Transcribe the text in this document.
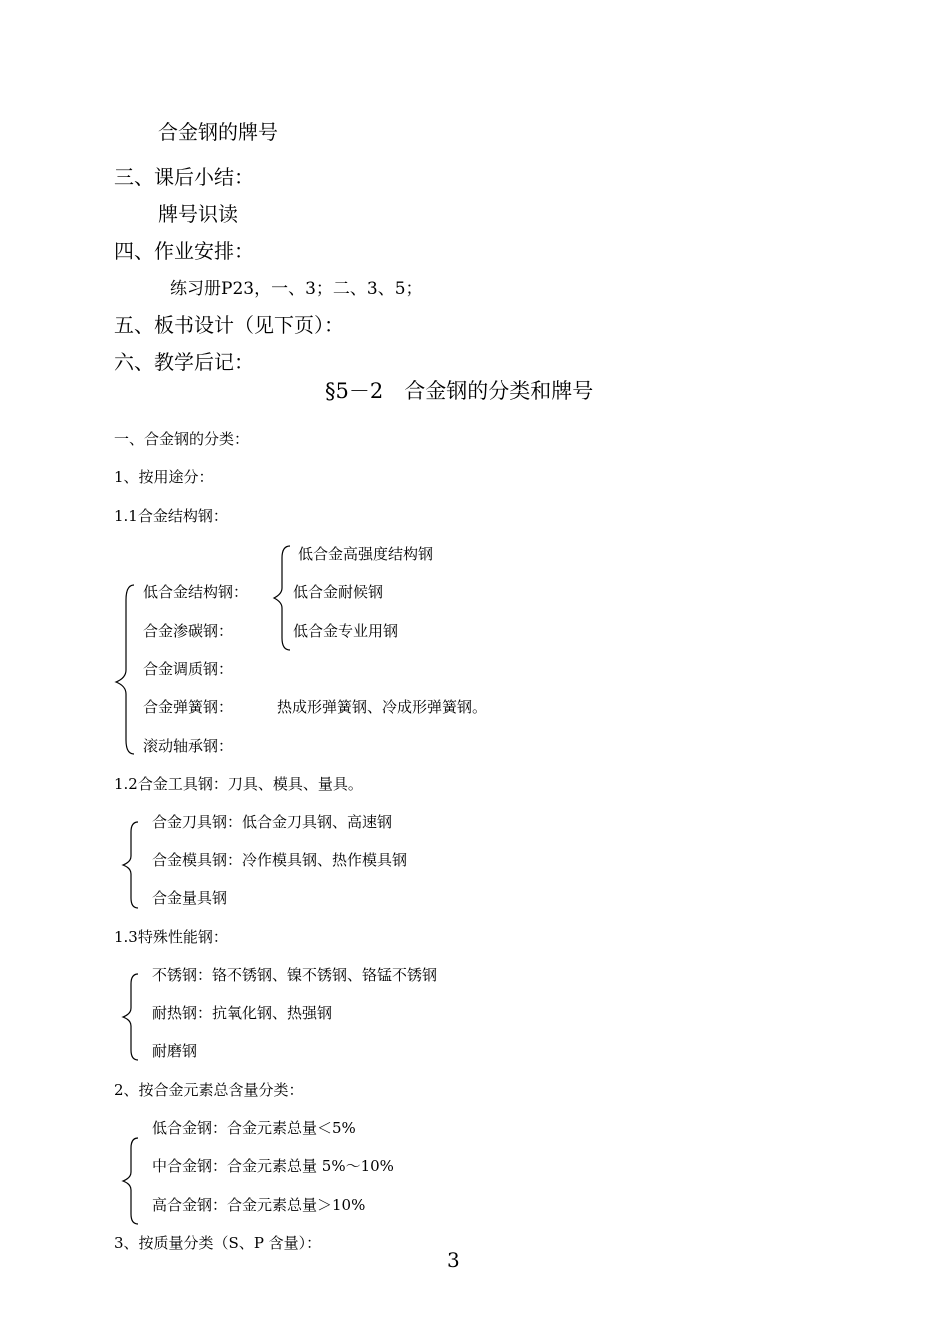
合金钢的牌号
三、课后小结：
牌号识读
四、作业安排：
练习册P23，一、3；二、3、5；
五、板书设计（见下页）：
六、教学后记：
§5－2　合金钢的分类和牌号
一、合金钢的分类：
1、按用途分：
1.1合金结构钢：
低合金结构钢：
低合金高强度结构钢
低合金耐候钢
低合金专业用钢
合金渗碳钢：
合金调质钢：
合金弹簧钢：	热成形弹簧钢、冷成形弹簧钢。
滚动轴承钢：
1.2合金工具钢：刀具、模具、量具。
合金刀具钢：低合金刀具钢、高速钢
合金模具钢：冷作模具钢、热作模具钢
合金量具钢
1.3特殊性能钢：
不锈钢：铬不锈钢、镍不锈钢、铬锰不锈钢
耐热钢：抗氧化钢、热强钢
耐磨钢
2、按合金元素总含量分类：
低合金钢：合金元素总量＜5%
中合金钢：合金元素总量 5%～10%
高合金钢：合金元素总量＞10%
3、按质量分类（S、P 含量）：
3
